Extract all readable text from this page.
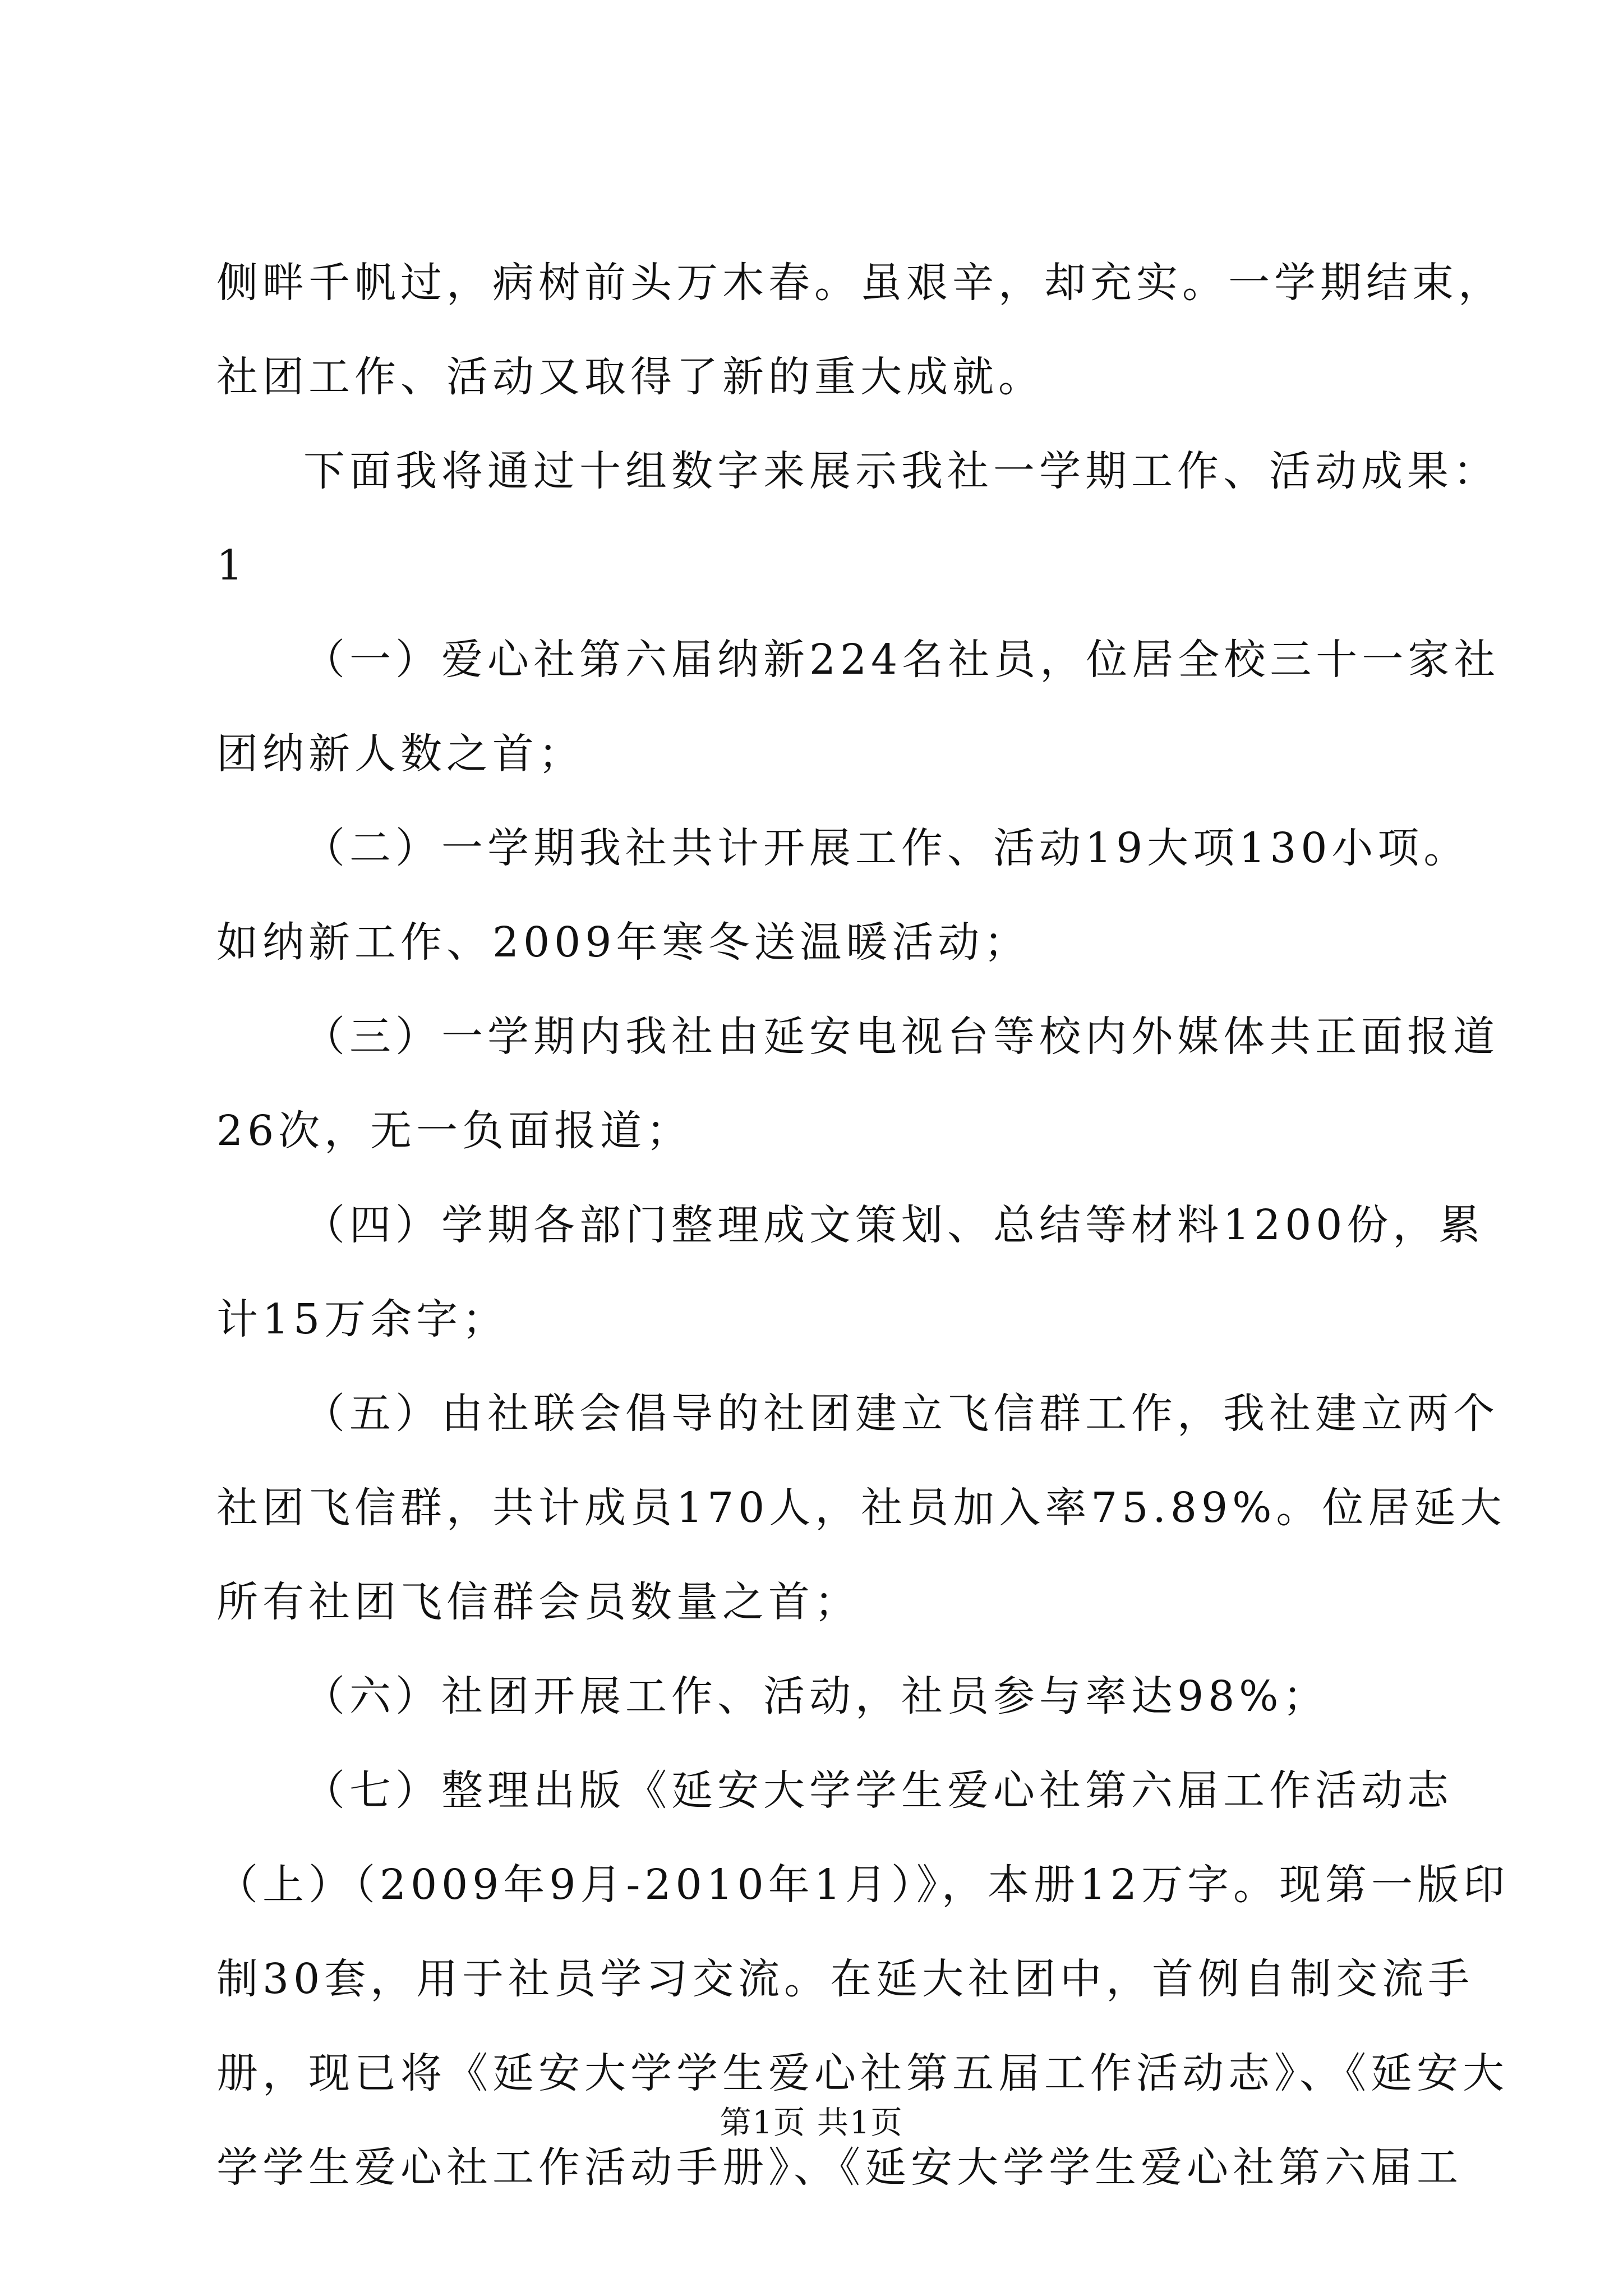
侧畔千帆过，病树前头万木春。虽艰辛，却充实。一学期结束，
社团工作、活动又取得了新的重大成就。
下面我将通过十组数字来展示我社一学期工作、活动成果：
1
（一）爱心社第六届纳新224名社员，位居全校三十一家社
团纳新人数之首；
（二）一学期我社共计开展工作、活动19大项130小项。
如纳新工作、2009年寒冬送温暖活动；
（三）一学期内我社由延安电视台等校内外媒体共正面报道
26次，无一负面报道；
（四）学期各部门整理成文策划、总结等材料1200份，累
计15万余字；
（五）由社联会倡导的社团建立飞信群工作，我社建立两个
社团飞信群，共计成员170人，社员加入率75.89%。位居延大
所有社团飞信群会员数量之首；
（六）社团开展工作、活动，社员参与率达98%；
（七）整理出版《延安大学学生爱心社第六届工作活动志
（上）（2009年9月-2010年1月）》，本册12万字。现第一版印
制30套，用于社员学习交流。在延大社团中，首例自制交流手
册，现已将《延安大学学生爱心社第五届工作活动志》、《延安大
学学生爱心社工作活动手册》、《延安大学学生爱心社第六届工
第1页 共1页
